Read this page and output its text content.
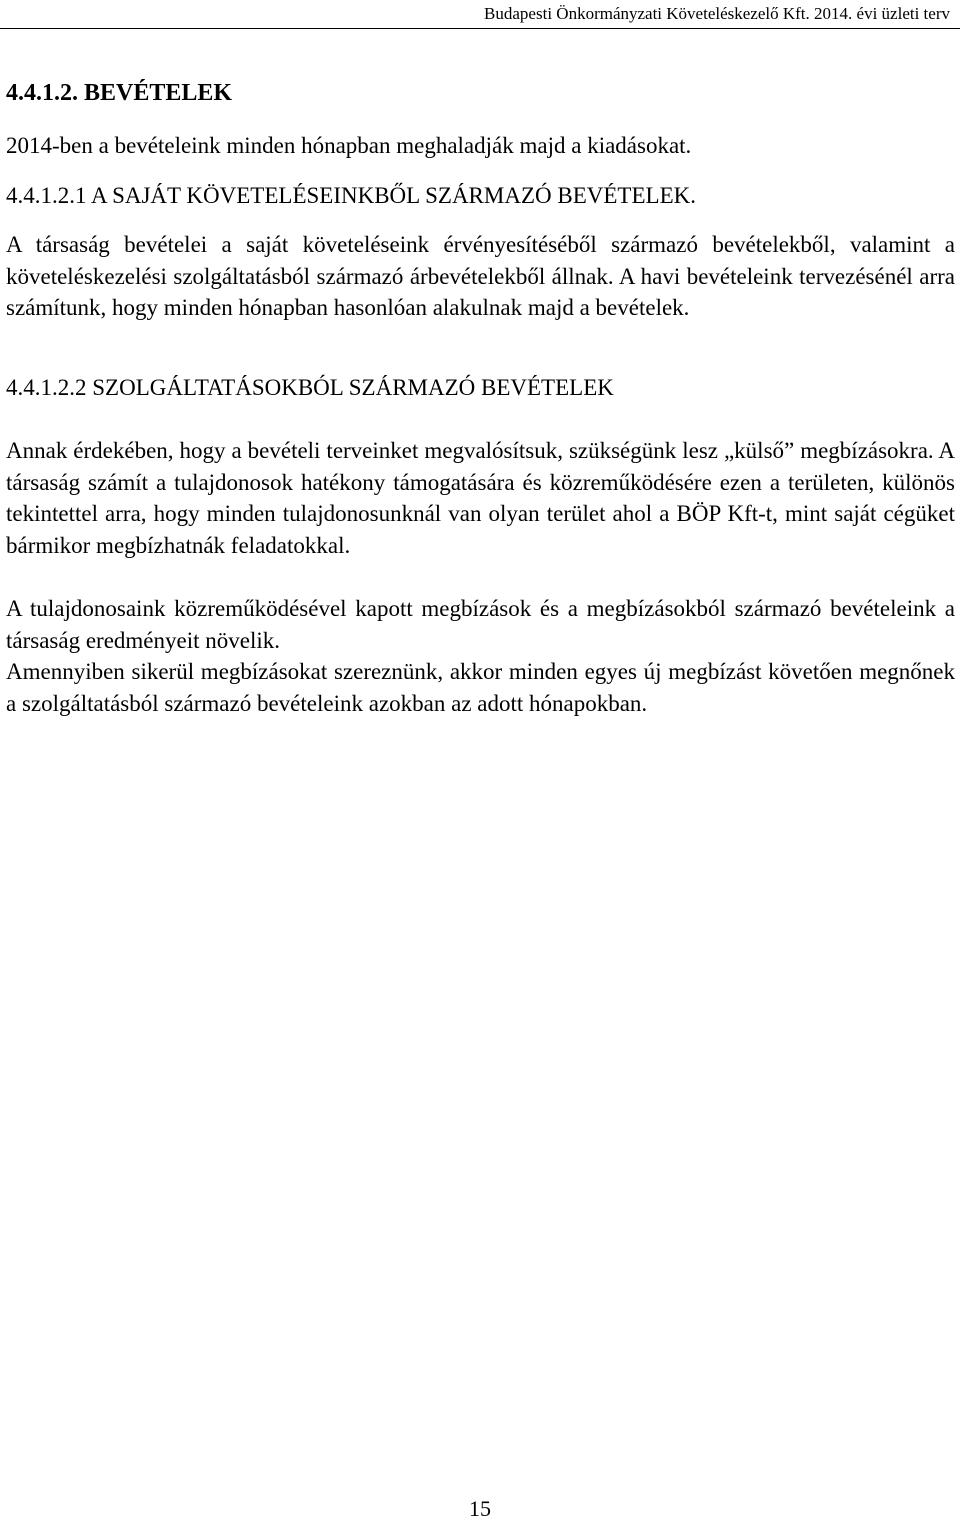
Budapesti Önkormányzati Követeléskezelő Kft. 2014. évi üzleti terv
4.4.1.2. BEVÉTELEK

2014-ben a bevételeink minden hónapban meghaladják majd a kiadásokat.

4.4.1.2.1 A SAJÁT KÖVETELÉSEINKBŐL SZÁRMAZÓ BEVÉTELEK.

A társaság bevételei a saját követeléseink érvényesítéséből származó bevételekből, valamint a követeléskezelési szolgáltatásból származó árbevételekből állnak. A havi bevételeink tervezésénél arra számítunk, hogy minden hónapban hasonlóan alakulnak majd a bevételek.

4.4.1.2.2 SZOLGÁLTATÁSOKBÓL SZÁRMAZÓ BEVÉTELEK

Annak érdekében, hogy a bevételi terveinket megvalósítsuk, szükségünk lesz „külső” megbízásokra. A társaság számít a tulajdonosok hatékony támogatására és közreműködésére ezen a területen, különös tekintettel arra, hogy minden tulajdonosunknál van olyan terület ahol a BÖP Kft-t, mint saját cégüket bármikor megbízhatnák feladatokkal.

A tulajdonosaink közreműködésével kapott megbízások és a megbízásokból származó bevételeink a társaság eredményeit növelik.

Amennyiben sikerül megbízásokat szereznünk, akkor minden egyes új megbízást követően megnőnek a szolgáltatásból származó bevételeink azokban az adott hónapokban.

15
